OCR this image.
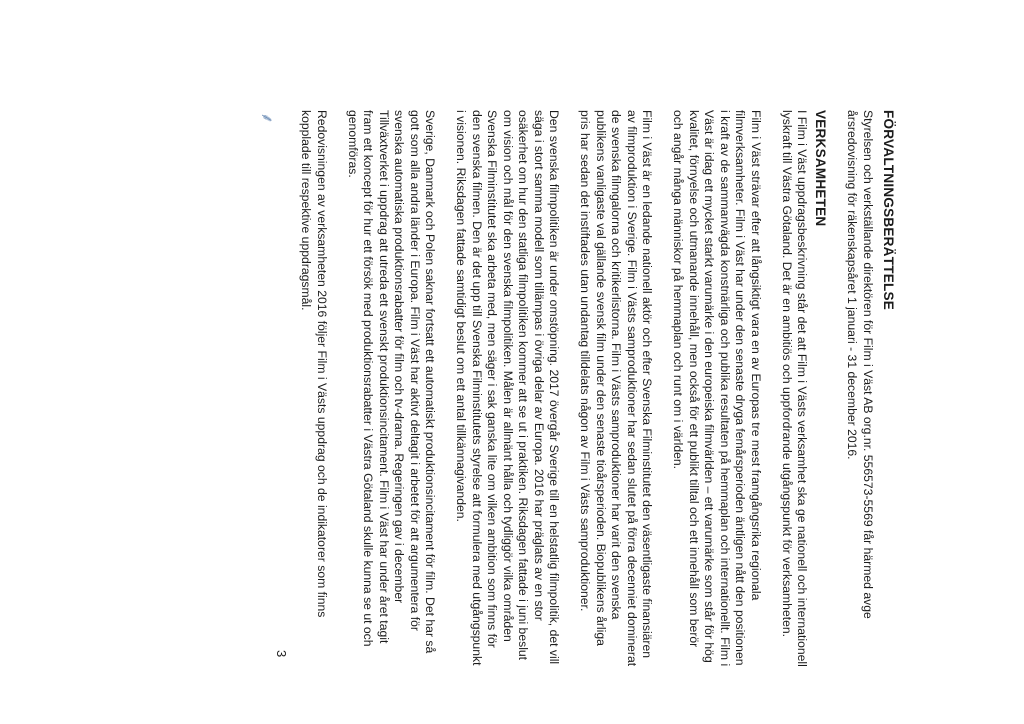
FÖRVALTNINGSBERÄTTELSE

Styrelsen och verkställande direktören för Film i Väst AB org.nr. 556573-5569 får härmed avge årsredovisning för räkenskapsåret 1 januari - 31 december 2016.

VERKSAMHETEN

I Film i Väst uppdragsbeskrivning står det att Film i Västs verksamhet ska ge nationell och internationell lyskraft till Västra Götaland. Det är en ambitiös och uppfordrande utgångspunkt för verksamheten.

Film i Väst strävar efter att långsiktigt vara en av Europas tre mest framgångsrika regionala filmverksamheter. Film i Väst har under den senaste dryga femårsperioden äntligen nått den positionen i kraft av de sammanvägda konstnärliga och publika resultaten på hemmaplan och internationellt. Film i Väst är idag ett mycket starkt varumärke i den europeiska filmvärlden – ett varumärke som står för hög kvalitet, förnyelse och utmanande innehåll, men också för ett publikt tilltal och ett innehåll som berör och angår många människor på hemmaplan och runt om i världen.

Film i Väst är en ledande nationell aktör och efter Svenska Filminstitutet den väsentligaste finansiären av filmproduktion i Sverige. Film i Västs samproduktioner har sedan slutet på förra decenniet dominerat de svenska filmgalorna och kritikerlistorna. Film i Västs samproduktioner har varit den svenska publikens vanligaste val gällande svensk film under den senaste tioårsperioden. Biopublikens årliga pris har sedan det instiftades utan undantag tilldelats någon av Film i Västs samproduktioner.

Den svenska filmpolitiken är under omstöpning. 2017 övergår Sverige till en helstatlig filmpolitik, det vill säga i stort samma modell som tillämpas i övriga delar av Europa. 2016 har präglats av en stor osäkerhet om hur den statliga filmpolitiken kommer att se ut i praktiken. Riksdagen fattade i juni beslut om vision och mål för den svenska filmpolitiken. Målen är allmänt hålla och tydliggör vilka områden Svenska Filminstitutet ska arbeta med, men säger i sak ganska lite om vilken ambition som finns för den svenska filmen. Den är det upp till Svenska Filminstitutets styrelse att formulera med utgångspunkt i visionen. Riksdagen fattade samtidigt beslut om ett antal tillkännagivanden.

Sverige, Danmark och Polen saknar fortsatt ett automatiskt produktionsincitament för film. Det har så gott som alla andra länder i Europa. Film i Väst har aktivt deltagit i arbetet för att argumentera för svenska automatiska produktionsrabatter för film och tv-drama. Regeringen gav i december Tillväxtverket i uppdrag att utreda ett svenskt produktionsincitament. Film i Väst har under året tagit fram ett koncept för hur ett försök med produktionsrabatter i Västra Götaland skulle kunna se ut och genomföras.

Redovisningen av verksamheten 2016 följer Film i Västs uppdrag och de indikatorer som finns kopplade till respektive uppdragsmål.

⸙
3
